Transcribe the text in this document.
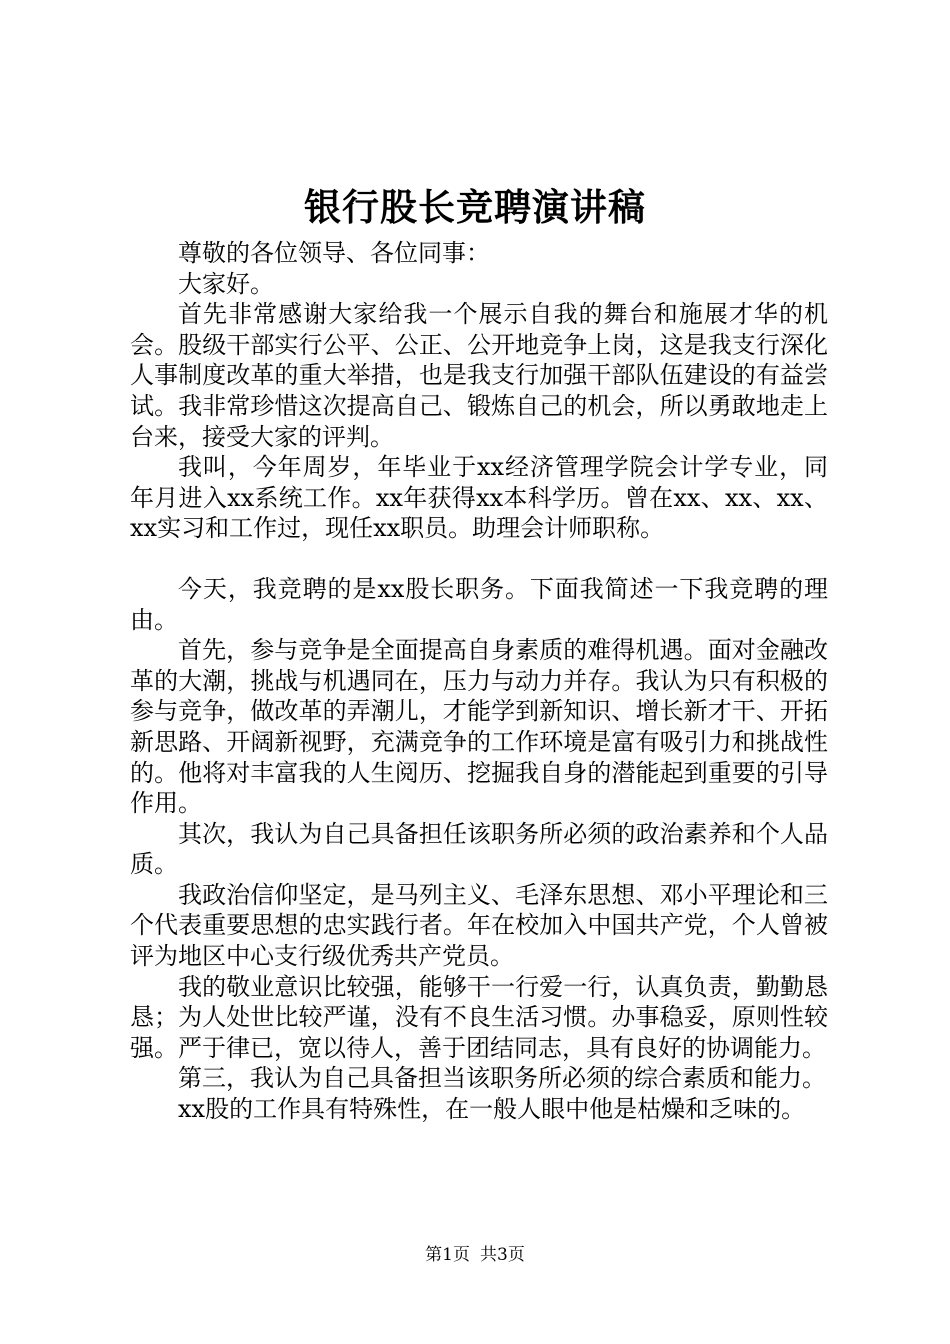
银行股长竞聘演讲稿

尊敬的各位领导、各位同事：

大家好。

首先非常感谢大家给我一个展示自我的舞台和施展才华的机会。股级干部实行公平、公正、公开地竞争上岗，这是我支行深化人事制度改革的重大举措，也是我支行加强干部队伍建设的有益尝试。我非常珍惜这次提高自己、锻炼自己的机会，所以勇敢地走上台来，接受大家的评判。

我叫，今年周岁，年毕业于xx经济管理学院会计学专业，同年月进入xx系统工作。xx年获得xx本科学历。曾在xx、xx、xx、xx实习和工作过，现任xx职员。助理会计师职称。

今天，我竞聘的是xx股长职务。下面我简述一下我竞聘的理由。

首先，参与竞争是全面提高自身素质的难得机遇。面对金融改革的大潮，挑战与机遇同在，压力与动力并存。我认为只有积极的参与竞争，做改革的弄潮儿，才能学到新知识、增长新才干、开拓新思路、开阔新视野，充满竞争的工作环境是富有吸引力和挑战性的。他将对丰富我的人生阅历、挖掘我自身的潜能起到重要的引导作用。

其次，我认为自己具备担任该职务所必须的政治素养和个人品质。

我政治信仰坚定，是马列主义、毛泽东思想、邓小平理论和三个代表重要思想的忠实践行者。年在校加入中国共产党，个人曾被评为地区中心支行级优秀共产党员。

我的敬业意识比较强，能够干一行爱一行，认真负责，勤勤恳恳；为人处世比较严谨，没有不良生活习惯。办事稳妥，原则性较强。严于律已，宽以待人，善于团结同志，具有良好的协调能力。

第三，我认为自己具备担当该职务所必须的综合素质和能力。

xx股的工作具有特殊性，在一般人眼中他是枯燥和乏味的。

第1页 共3页
